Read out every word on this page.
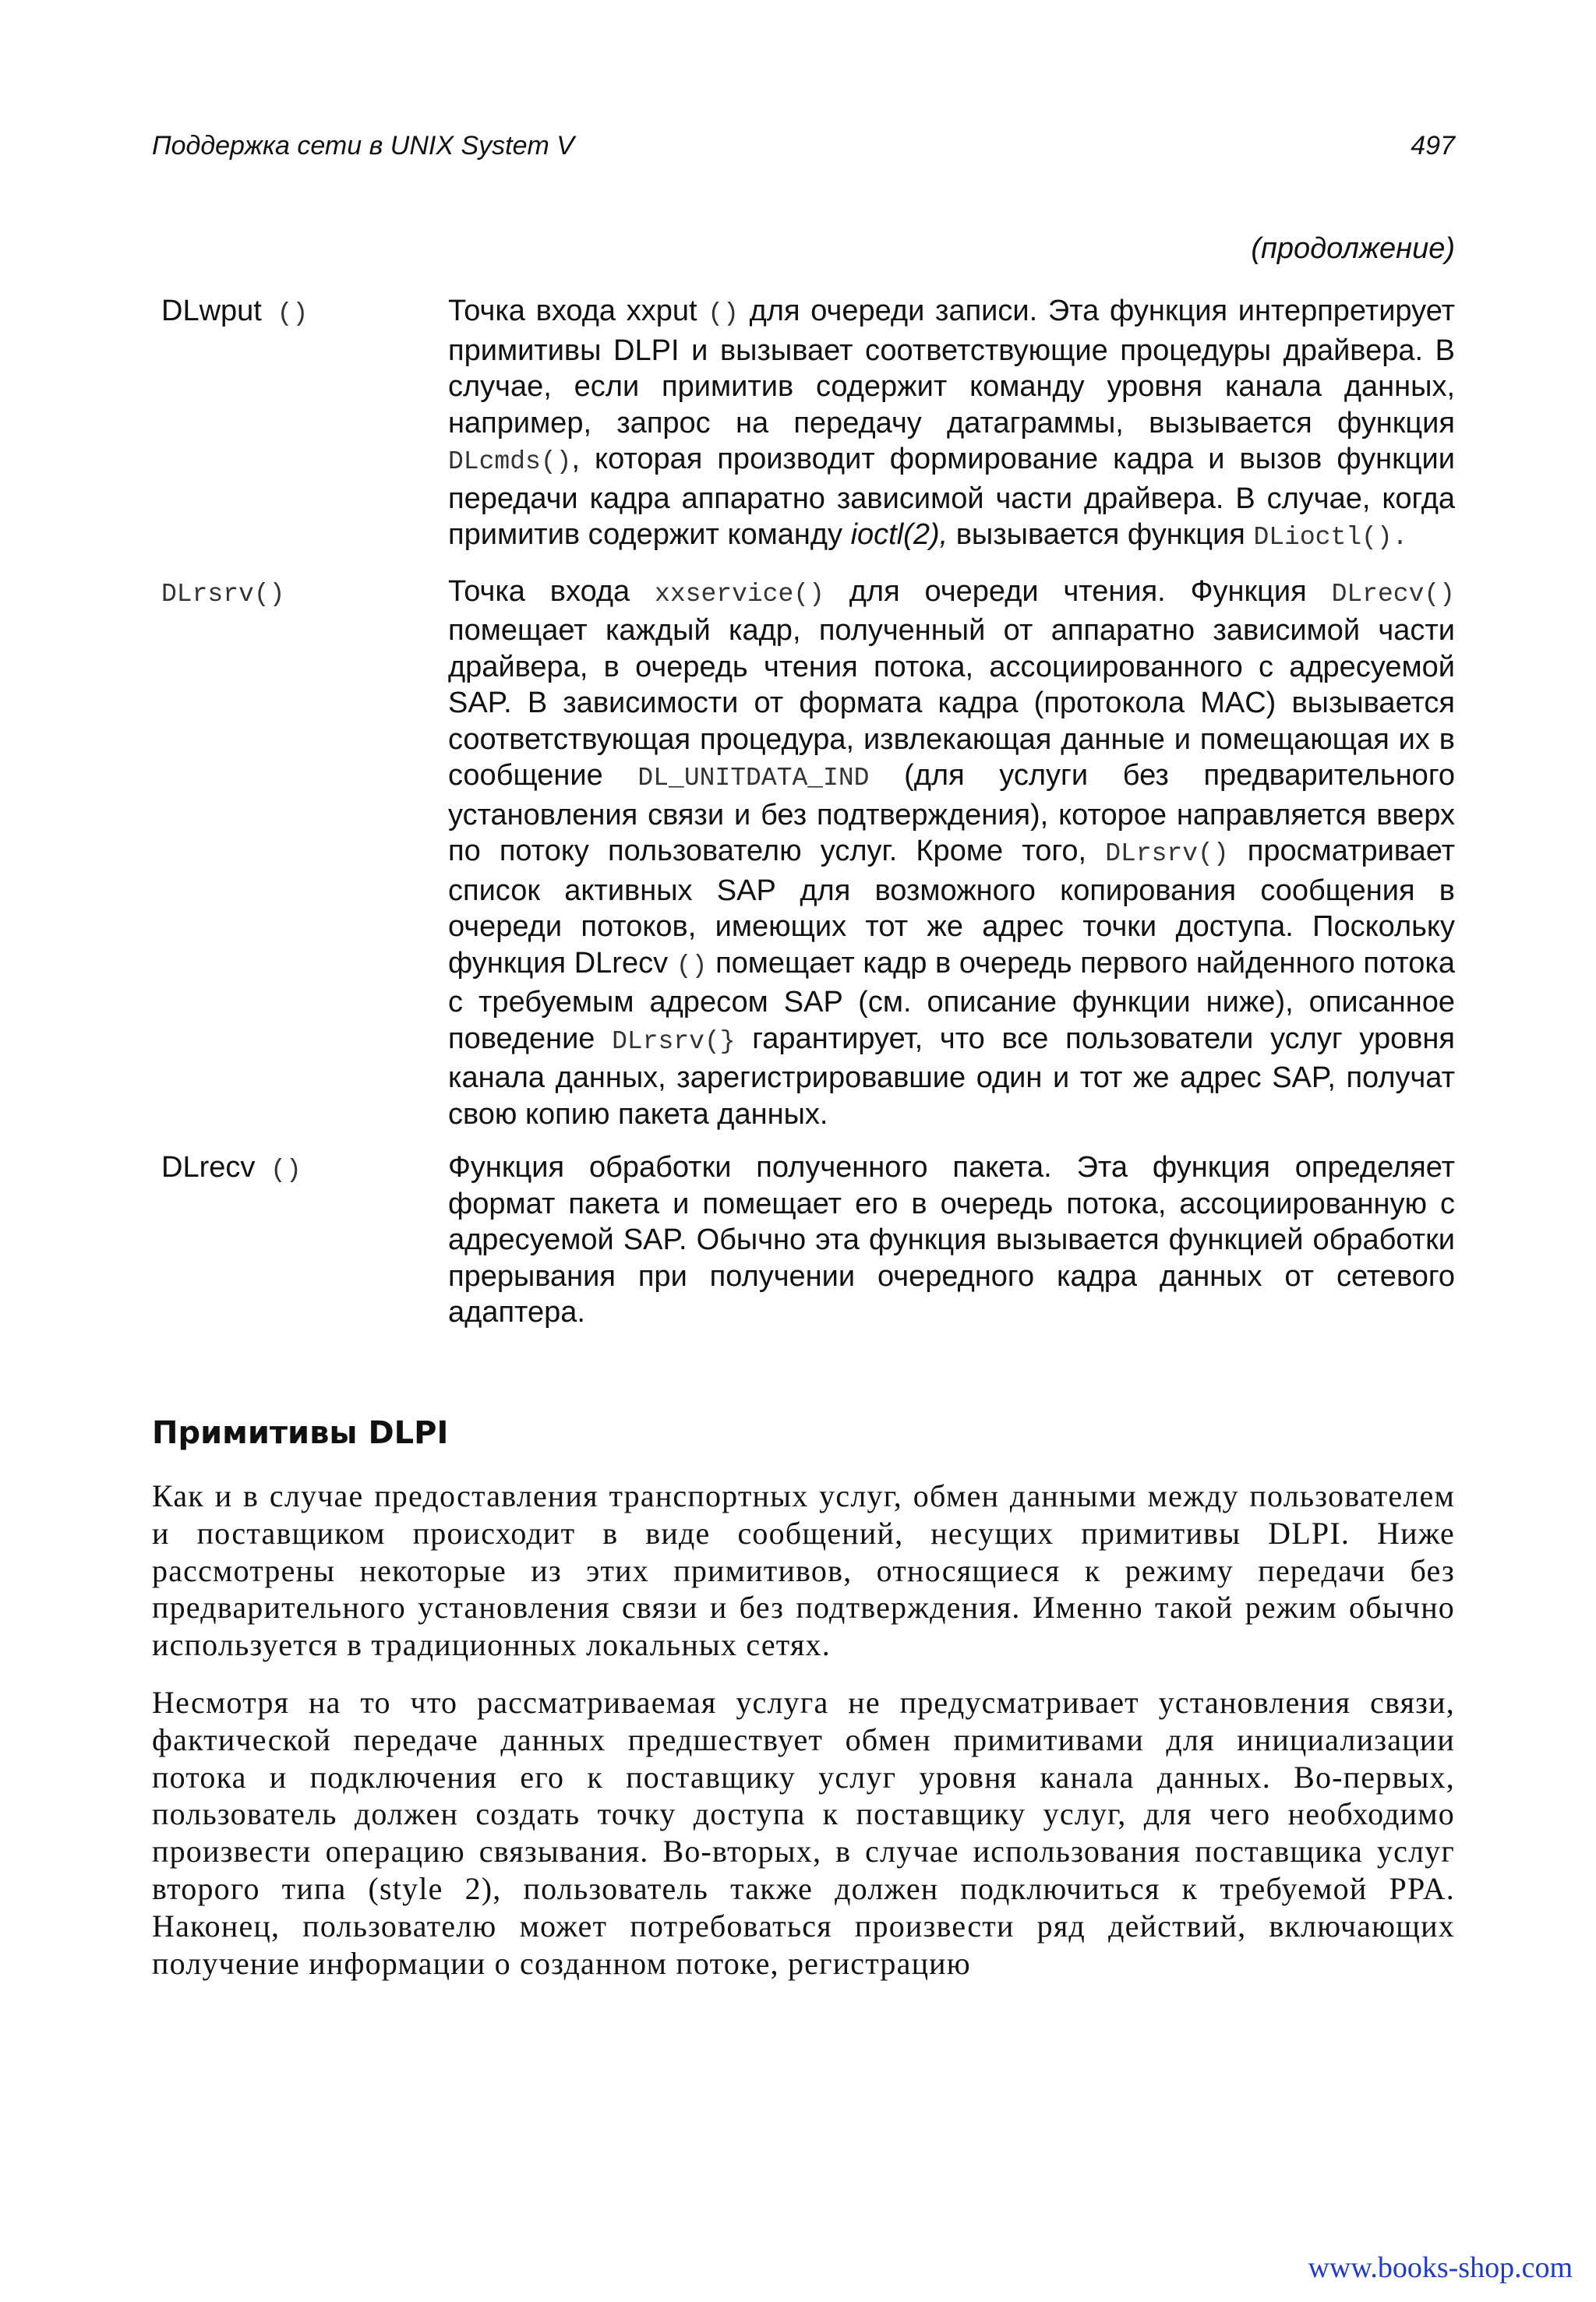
Поддержка сети в UNIX System V	497
(продолжение)
DLwput ()	Точка входа xxput () для очереди записи. Эта функция интерпретирует примитивы DLPI и вызывает соответствующие процедуры драйвера. В случае, если примитив содержит команду уровня канала данных, например, запрос на передачу датаграммы, вызывается функция DLcmds(), которая производит формирование кадра и вызов функции передачи кадра аппаратно зависимой части драйвера. В случае, когда примитив содержит команду ioctl(2), вызывается функция DLioctl().
DLrsrv()	Точка входа xxservice() для очереди чтения. Функция DLrecv() помещает каждый кадр, полученный от аппаратно зависимой части драйвера, в очередь чтения потока, ассоциированного с адресуемой SAP. В зависимости от формата кадра (протокола MAC) вызывается соответствующая процедура, извлекающая данные и помещающая их в сообщение DL_UNITDATA_IND (для услуги без предварительного установления связи и без подтверждения), которое направляется вверх по потоку пользователю услуг. Кроме того, DLrsrv() просматривает список активных SAP для возможного копирования сообщения в очереди потоков, имеющих тот же адрес точки доступа. Поскольку функция DLrecv () помещает кадр в очередь первого найденного потока с требуемым адресом SAP (см. описание функции ниже), описанное поведение DLrsrv(} гарантирует, что все пользователи услуг уровня канала данных, зарегистрировавшие один и тот же адрес SAP, получат свою копию пакета данных.
DLrecv ()	Функция обработки полученного пакета. Эта функция определяет формат пакета и помещает его в очередь потока, ассоциированную с адресуемой SAP. Обычно эта функция вызывается функцией обработки прерывания при получении очередного кадра данных от сетевого адаптера.
Примитивы DLPI

Как и в случае предоставления транспортных услуг, обмен данными между пользователем и поставщиком происходит в виде сообщений, несущих примитивы DLPI. Ниже рассмотрены некоторые из этих примитивов, относящиеся к режиму передачи без предварительного установления связи и без подтверждения. Именно такой режим обычно используется в традиционных локальных сетях.

Несмотря на то что рассматриваемая услуга не предусматривает установления связи, фактической передаче данных предшествует обмен примитивами для инициализации потока и подключения его к поставщику услуг уровня канала данных. Во-первых, пользователь должен создать точку доступа к поставщику услуг, для чего необходимо произвести операцию связывания. Во-вторых, в случае использования поставщика услуг второго типа (style 2), пользователь также должен подключиться к требуемой PPA. Наконец, пользователю может потребоваться произвести ряд действий, включающих получение информации о созданном потоке, регистрацию

www.books-shop.com
